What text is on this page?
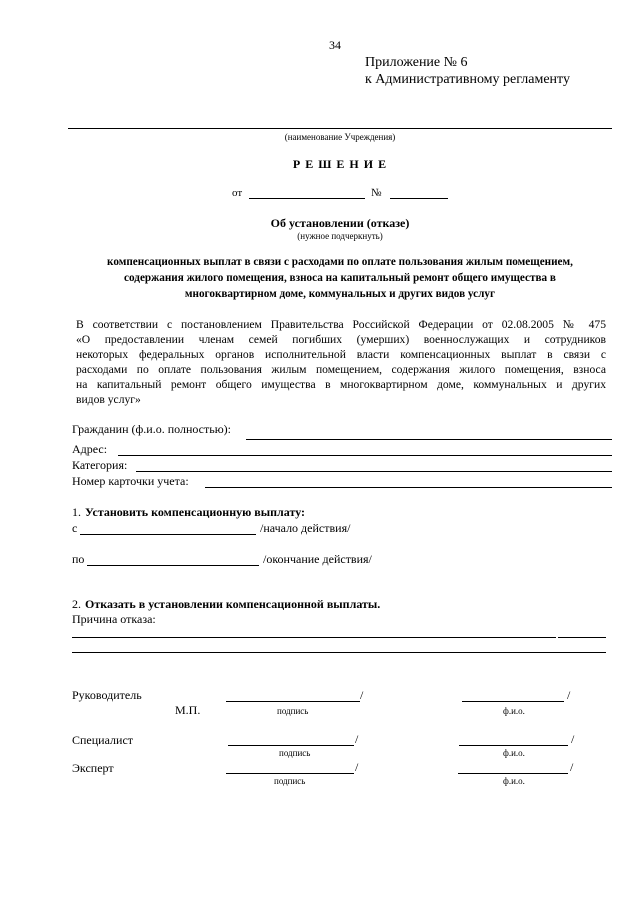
34
Приложение № 6
к Административному регламенту
(наименование Учреждения)
Р Е Ш Е Н И Е
от	№
Об установлении (отказе)
(нужное подчеркнуть)
компенсационных выплат в связи с расходами по оплате пользования жилым помещением,
содержания жилого помещения, взноса на капитальный ремонт общего имущества в
многоквартирном доме, коммунальных и других видов услуг
В соответствии с постановлением Правительства Российской Федерации от 02.08.2005 № 475
«О предоставлении членам семей погибших (умерших) военнослужащих и сотрудников
некоторых федеральных органов исполнительной власти компенсационных выплат в связи с
расходами по оплате пользования жилым помещением, содержания жилого помещения, взноса
на капитальный ремонт общего имущества в многоквартирном доме, коммунальных и других
видов услуг»
Гражданин (ф.и.о. полностью):
Адрес:
Категория:
Номер карточки учета:
1. Установить компенсационную выплату:
с	/начало действия/
по	/окончание действия/
2. Отказать в установлении компенсационной выплаты.
Причина отказа:
Руководитель	/	/
М.П.	подпись	ф.и.о.
Специалист	/	/
подпись	ф.и.о.
Эксперт	/	/
подпись	ф.и.о.
